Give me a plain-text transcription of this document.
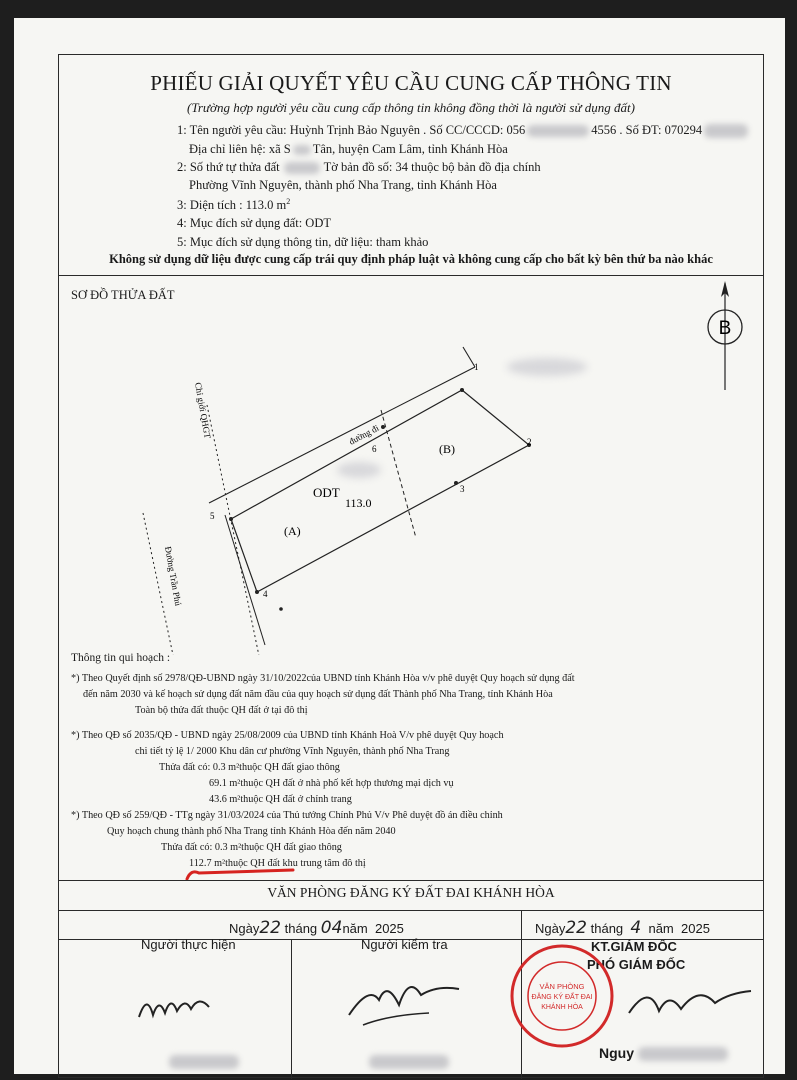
PHIẾU GIẢI QUYẾT YÊU CẦU CUNG CẤP THÔNG TIN
(Trường hợp người yêu cầu cung cấp thông tin không đồng thời là người sử dụng đất)
1: Tên người yêu cầu: Huỳnh Trịnh Bảo Nguyên . Số CC/CCCD: 056	4556 . Số ĐT: 070294
Địa chỉ liên hệ: xã S Tân, huyện Cam Lâm, tỉnh Khánh Hòa
2: Số thứ tự thửa đất	Tờ bản đồ số: 34 thuộc bộ bản đồ địa chính
Phường Vĩnh Nguyên, thành phố Nha Trang, tỉnh Khánh Hòa
3: Diện tích : 113.0 $m^2$
4: Mục đích sử dụng đất: ODT
5: Mục đích sử dụng thông tin, dữ liệu: tham khảo
Không sử dụng dữ liệu được cung cấp trái quy định pháp luật và không cung cấp cho bất kỳ bên thứ ba nào khác
SƠ ĐỒ THỬA ĐẤT
B
1
2
3
4
5
6
đường đi
(B)
(A)
ODT
113.0
Chỉ giới QHGT
Đường Trần Phú
Thông tin qui hoạch :
*) Theo Quyết định số 2978/QĐ-UBND ngày 31/10/2022của UBND tỉnh Khánh Hòa v/v phê duyệt Quy hoạch sử dụng đất
đến năm 2030 và kế hoạch sử dụng đất năm đầu của quy hoạch sử dụng đất Thành phố Nha Trang, tỉnh Khánh Hòa
Toàn bộ thửa đất thuộc QH đất ở tại đô thị
*) Theo QĐ số 2035/QĐ - UBND ngày 25/08/2009 của UBND tỉnh Khánh Hoà V/v phê duyệt Quy hoạch
chi tiết tỷ lệ 1/ 2000 Khu dân cư phường Vĩnh Nguyên, thành phố Nha Trang
Thửa đất có: 0.3 m²thuộc QH đất giao thông
69.1 m²thuộc QH đất ở nhà phố kết hợp thương mại dịch vụ
43.6 m²thuộc QH đất ở chỉnh trang
*) Theo QĐ số 259/QĐ - TTg ngày 31/03/2024 của Thủ tướng Chính Phủ V/v Phê duyệt đồ án điều chỉnh
Quy hoạch chung thành phố Nha Trang tỉnh Khánh Hòa đến năm 2040
Thửa đất có: 0.3 m²thuộc QH đất giao thông
112.7 m²thuộc QH đất khu trung tâm đô thị
VĂN PHÒNG ĐĂNG KÝ ĐẤT ĐAI KHÁNH HÒA
Ngày22 tháng 04năm 2025	Ngày22 tháng 4 năm 2025
Người thực hiện	Người kiểm tra	KT.GIÁM ĐỐC
PHÓ GIÁM ĐỐC
VĂN PHÒNG
ĐĂNG KÝ ĐẤT ĐAI
KHÁNH HÒA
Nguy
